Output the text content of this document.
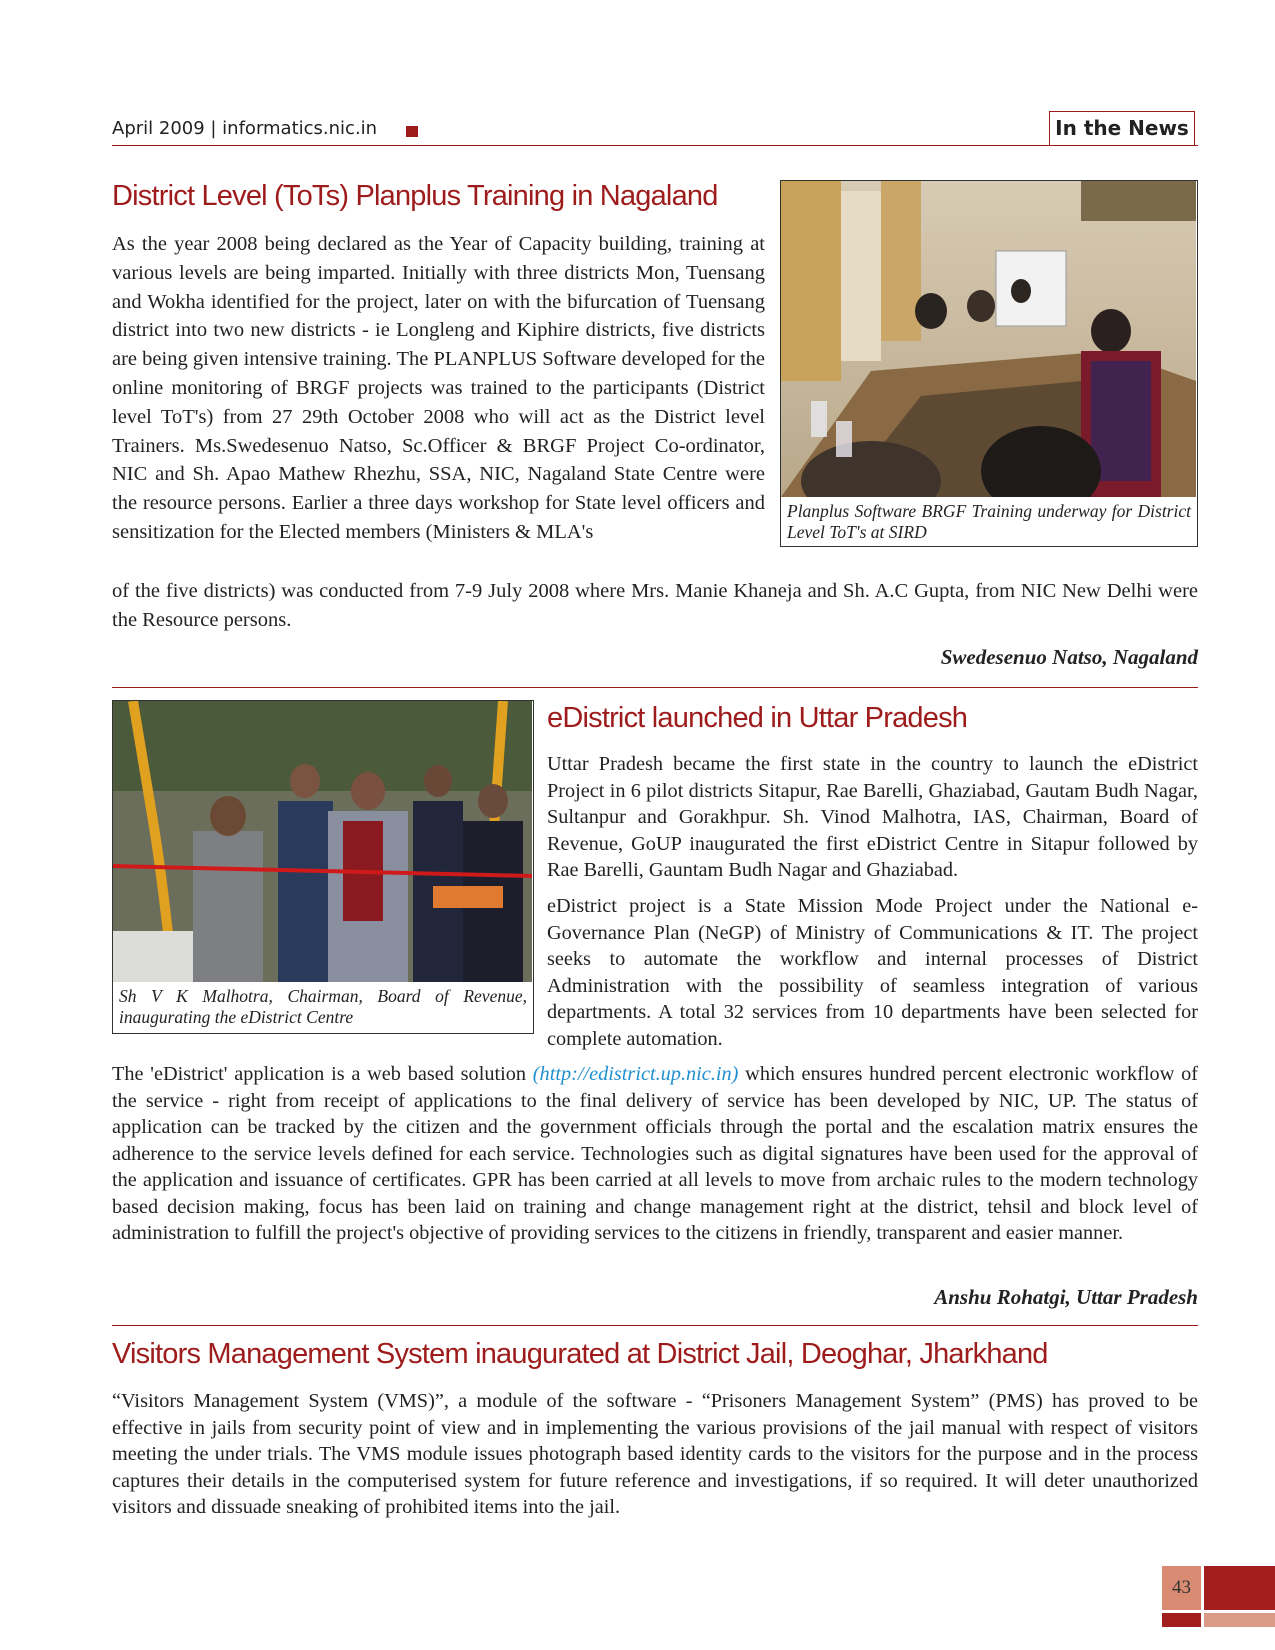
April 2009 | informatics.nic.in	In the News
District Level (ToTs) Planplus Training in Nagaland

As the year 2008 being declared as the Year of Capacity building, training at various levels are being imparted. Initially with three districts Mon, Tuensang and Wokha identified for the project, later on with the bifurcation of Tuensang district into two new districts - ie Longleng and Kiphire districts, five districts are being given intensive training. The PLANPLUS Software developed for the online monitoring of BRGF projects was trained to the participants (District level ToT's) from 27 29th October 2008 who will act as the District level Trainers. Ms.Swedesenuo Natso, Sc.Officer & BRGF Project Co-ordinator, NIC and Sh. Apao Mathew Rhezhu, SSA, NIC, Nagaland State Centre were the resource persons. Earlier a three days workshop for State level officers and sensitization for the Elected members (Ministers & MLA's

of the five districts) was conducted from 7-9 July 2008 where Mrs. Manie Khaneja and Sh. A.C Gupta, from NIC New Delhi were the Resource persons.

Planplus Software BRGF Training underway for District Level ToT's at SIRD
Swedesenuo Natso, Nagaland
Sh V K Malhotra, Chairman, Board of Revenue, inaugurating the eDistrict Centre
eDistrict launched in Uttar Pradesh

Uttar Pradesh became the first state in the country to launch the eDistrict Project in 6 pilot districts Sitapur, Rae Barelli, Ghaziabad, Gautam Budh Nagar, Sultanpur and Gorakhpur. Sh. Vinod Malhotra, IAS, Chairman, Board of Revenue, GoUP inaugurated the first eDistrict Centre in Sitapur followed by Rae Barelli, Gauntam Budh Nagar and Ghaziabad.

eDistrict project is a State Mission Mode Project under the National e-Governance Plan (NeGP) of Ministry of Communications & IT. The project seeks to automate the workflow and internal processes of District Administration with the possibility of seamless integration of various departments. A total 32 services from 10 departments have been selected for complete automation.

The 'eDistrict' application is a web based solution (http://edistrict.up.nic.in) which ensures hundred percent electronic workflow of the service - right from receipt of applications to the final delivery of service has been developed by NIC, UP. The status of application can be tracked by the citizen and the government officials through the portal and the escalation matrix ensures the adherence to the service levels defined for each service. Technologies such as digital signatures have been used for the approval of the application and issuance of certificates. GPR has been carried at all levels to move from archaic rules to the modern technology based decision making, focus has been laid on training and change management right at the district, tehsil and block level of administration to fulfill the project's objective of providing services to the citizens in friendly, transparent and easier manner.

Anshu Rohatgi, Uttar Pradesh
Visitors Management System inaugurated at District Jail, Deoghar, Jharkhand

“Visitors Management System (VMS)”, a module of the software - “Prisoners Management System” (PMS) has proved to be effective in jails from security point of view and in implementing the various provisions of the jail manual with respect of visitors meeting the under trials. The VMS module issues photograph based identity cards to the visitors for the purpose and in the process captures their details in the computerised system for future reference and investigations, if so required. It will deter unauthorized visitors and dissuade sneaking of prohibited items into the jail.

43
